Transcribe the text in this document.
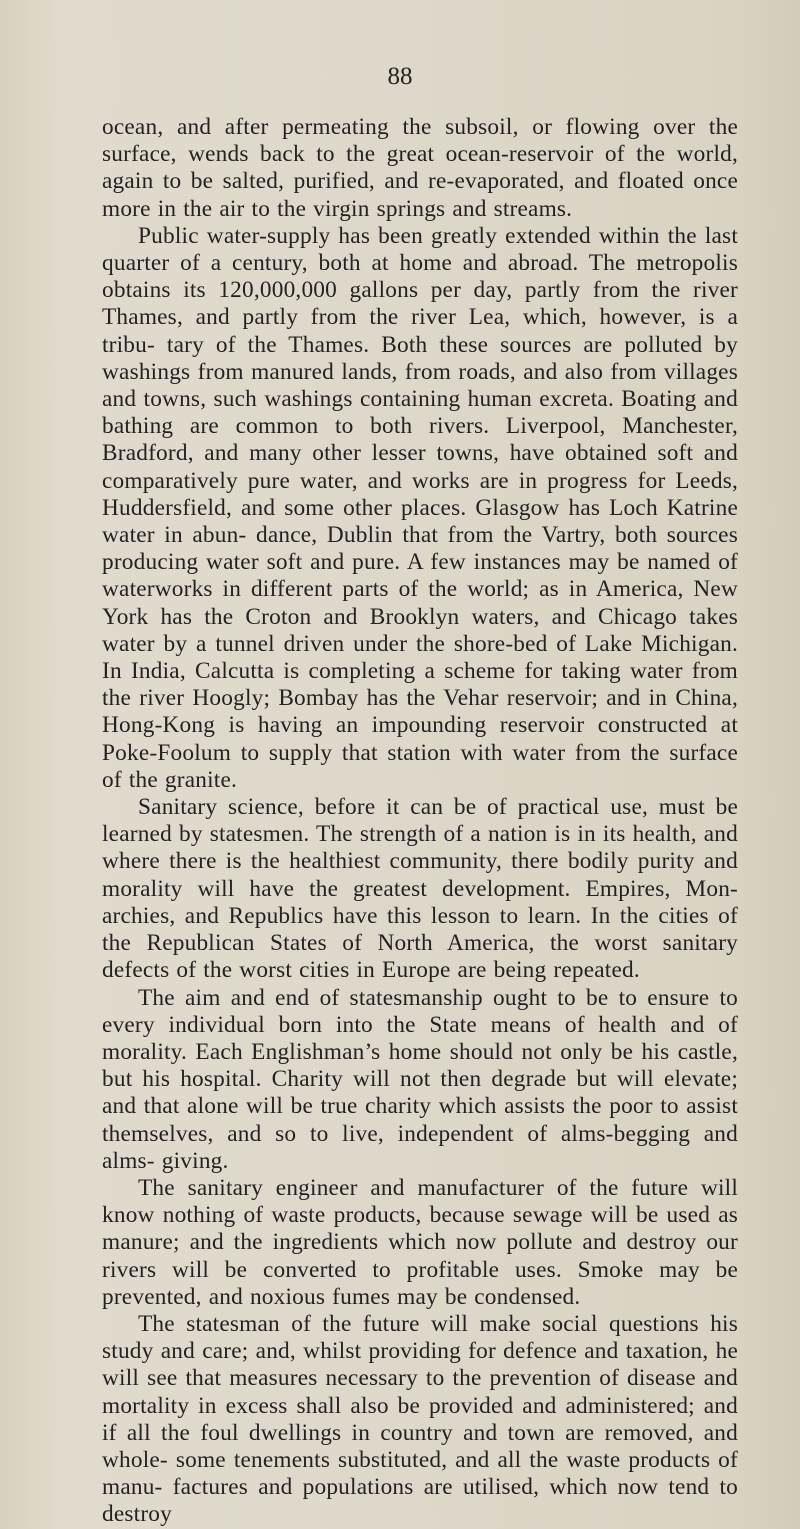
88

ocean, and after permeating the subsoil, or flowing over the surface, wends back to the great ocean-reservoir of the world, again to be salted, purified, and re-evaporated, and floated once more in the air to the virgin springs and streams.

Public water-supply has been greatly extended within the last quarter of a century, both at home and abroad. The metropolis obtains its 120,000,000 gallons per day, partly from the river Thames, and partly from the river Lea, which, however, is a tribu- tary of the Thames. Both these sources are polluted by washings from manured lands, from roads, and also from villages and towns, such washings containing human excreta. Boating and bathing are common to both rivers. Liverpool, Manchester, Bradford, and many other lesser towns, have obtained soft and comparatively pure water, and works are in progress for Leeds, Huddersfield, and some other places. Glasgow has Loch Katrine water in abun- dance, Dublin that from the Vartry, both sources producing water soft and pure. A few instances may be named of waterworks in different parts of the world; as in America, New York has the Croton and Brooklyn waters, and Chicago takes water by a tunnel driven under the shore-bed of Lake Michigan. In India, Calcutta is completing a scheme for taking water from the river Hoogly; Bombay has the Vehar reservoir; and in China, Hong-Kong is having an impounding reservoir constructed at Poke-Foolum to supply that station with water from the surface of the granite.

Sanitary science, before it can be of practical use, must be learned by statesmen. The strength of a nation is in its health, and where there is the healthiest community, there bodily purity and morality will have the greatest development. Empires, Mon- archies, and Republics have this lesson to learn. In the cities of the Republican States of North America, the worst sanitary defects of the worst cities in Europe are being repeated.

The aim and end of statesmanship ought to be to ensure to every individual born into the State means of health and of morality. Each Englishman’s home should not only be his castle, but his hospital. Charity will not then degrade but will elevate; and that alone will be true charity which assists the poor to assist themselves, and so to live, independent of alms-begging and alms- giving.

The sanitary engineer and manufacturer of the future will know nothing of waste products, because sewage will be used as manure; and the ingredients which now pollute and destroy our rivers will be converted to profitable uses. Smoke may be prevented, and noxious fumes may be condensed.

The statesman of the future will make social questions his study and care; and, whilst providing for defence and taxation, he will see that measures necessary to the prevention of disease and mortality in excess shall also be provided and administered; and if all the foul dwellings in country and town are removed, and whole- some tenements substituted, and all the waste products of manu- factures and populations are utilised, which now tend to destroy
